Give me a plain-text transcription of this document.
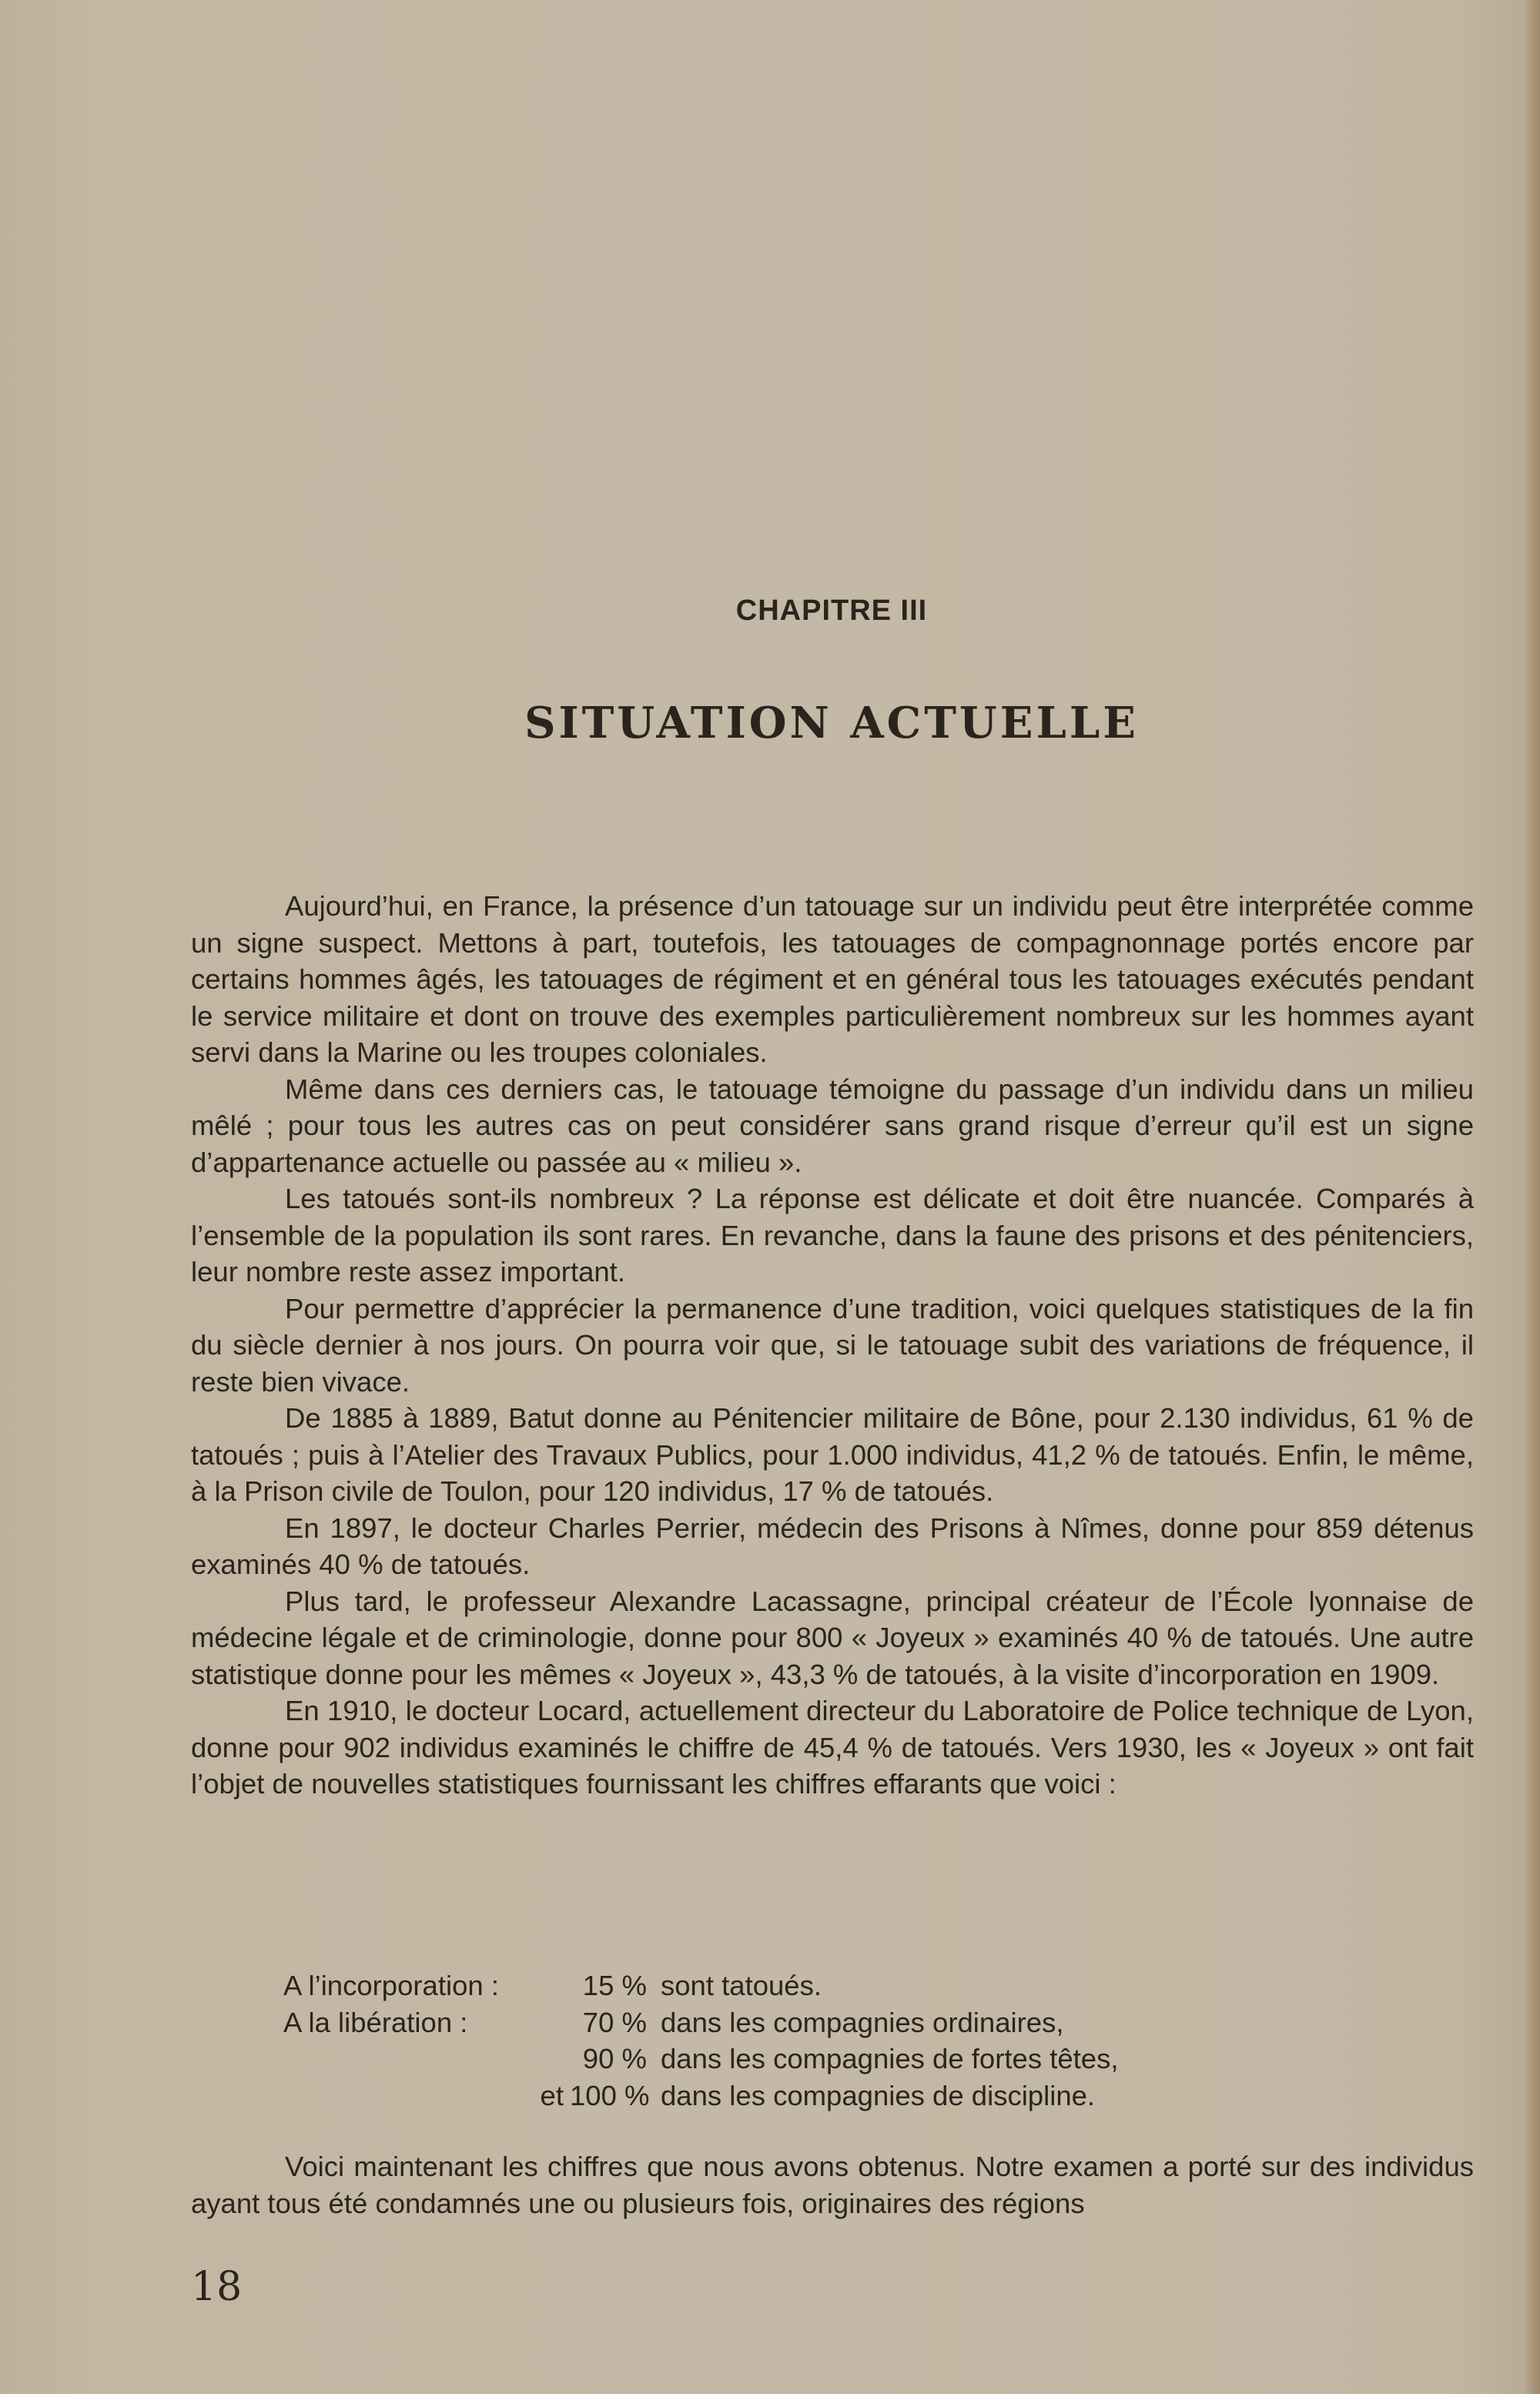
CHAPITRE III
SITUATION ACTUELLE

Aujourd’hui, en France, la présence d’un tatouage sur un individu peut être interprétée comme un signe suspect. Mettons à part, toutefois, les tatouages de compagnonnage portés encore par certains hommes âgés, les tatouages de régiment et en général tous les tatouages exécutés pendant le service militaire et dont on trouve des exemples particulièrement nombreux sur les hommes ayant servi dans la Marine ou les troupes coloniales.

Même dans ces derniers cas, le tatouage témoigne du passage d’un individu dans un milieu mêlé ; pour tous les autres cas on peut considérer sans grand risque d’erreur qu’il est un signe d’appartenance actuelle ou passée au « milieu ».

Les tatoués sont-ils nombreux ? La réponse est délicate et doit être nuancée. Comparés à l’ensemble de la population ils sont rares. En revanche, dans la faune des prisons et des pénitenciers, leur nombre reste assez important.

Pour permettre d’apprécier la permanence d’une tradition, voici quelques statistiques de la fin du siècle dernier à nos jours. On pourra voir que, si le tatouage subit des variations de fréquence, il reste bien vivace.

De 1885 à 1889, Batut donne au Pénitencier militaire de Bône, pour 2.130 individus, 61 % de tatoués ; puis à l’Atelier des Travaux Publics, pour 1.000 individus, 41,2 % de tatoués. Enfin, le même, à la Prison civile de Toulon, pour 120 individus, 17 % de tatoués.

En 1897, le docteur Charles Perrier, médecin des Prisons à Nîmes, donne pour 859 détenus examinés 40 % de tatoués.

Plus tard, le professeur Alexandre Lacassagne, principal créateur de l’École lyonnaise de médecine légale et de criminologie, donne pour 800 « Joyeux » examinés 40 % de tatoués. Une autre statistique donne pour les mêmes « Joyeux », 43,3 % de tatoués, à la visite d’incorporation en 1909.

En 1910, le docteur Locard, actuellement directeur du Laboratoire de Police technique de Lyon, donne pour 902 individus examinés le chiffre de 45,4 % de tatoués. Vers 1930, les « Joyeux » ont fait l’objet de nouvelles statistiques fournissant les chiffres effarants que voici :

A l’incorporation :	15 % sont tatoués.
A la libération :	70 % dans les compagnies ordinaires,
90 % dans les compagnies de fortes têtes,
et 100 % dans les compagnies de discipline.

Voici maintenant les chiffres que nous avons obtenus. Notre examen a porté sur des individus ayant tous été condamnés une ou plusieurs fois, originaires des régions

18
